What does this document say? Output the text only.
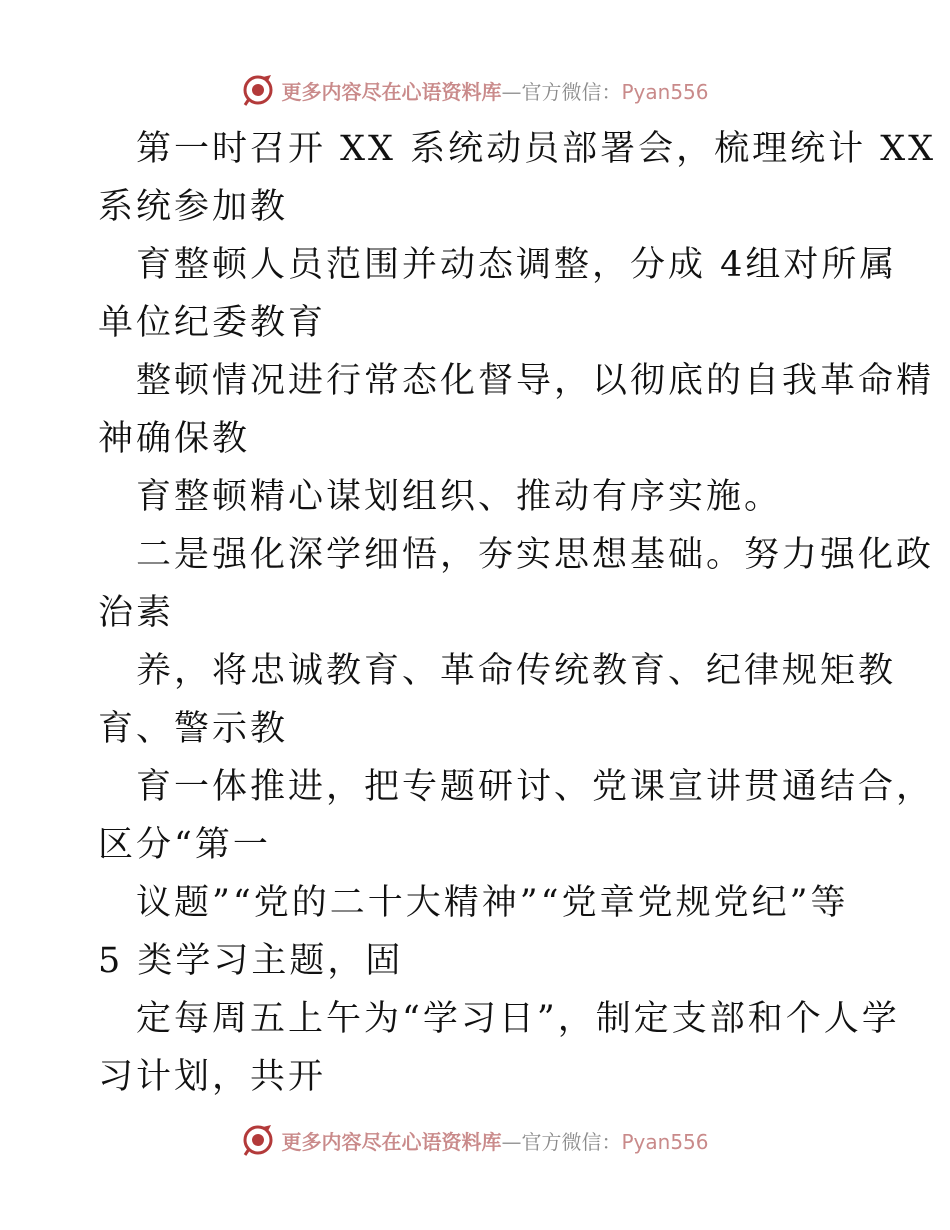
更多内容尽在心语资料库—官方微信：Pyan556
第一时召开 XX 系统动员部署会，梳理统计 XX
系统参加教
育整顿人员范围并动态调整，分成 4组对所属
单位纪委教育
整顿情况进行常态化督导，以彻底的自我革命精
神确保教
育整顿精心谋划组织、推动有序实施。
二是强化深学细悟，夯实思想基础。努力强化政
治素
养，将忠诚教育、革命传统教育、纪律规矩教
育、警示教
育一体推进，把专题研讨、党课宣讲贯通结合，
区分“第一
议题”“党的二十大精神”“党章党规党纪”等
5 类学习主题，固
定每周五上午为“学习日”，制定支部和个人学
习计划，共开
更多内容尽在心语资料库—官方微信：Pyan556
